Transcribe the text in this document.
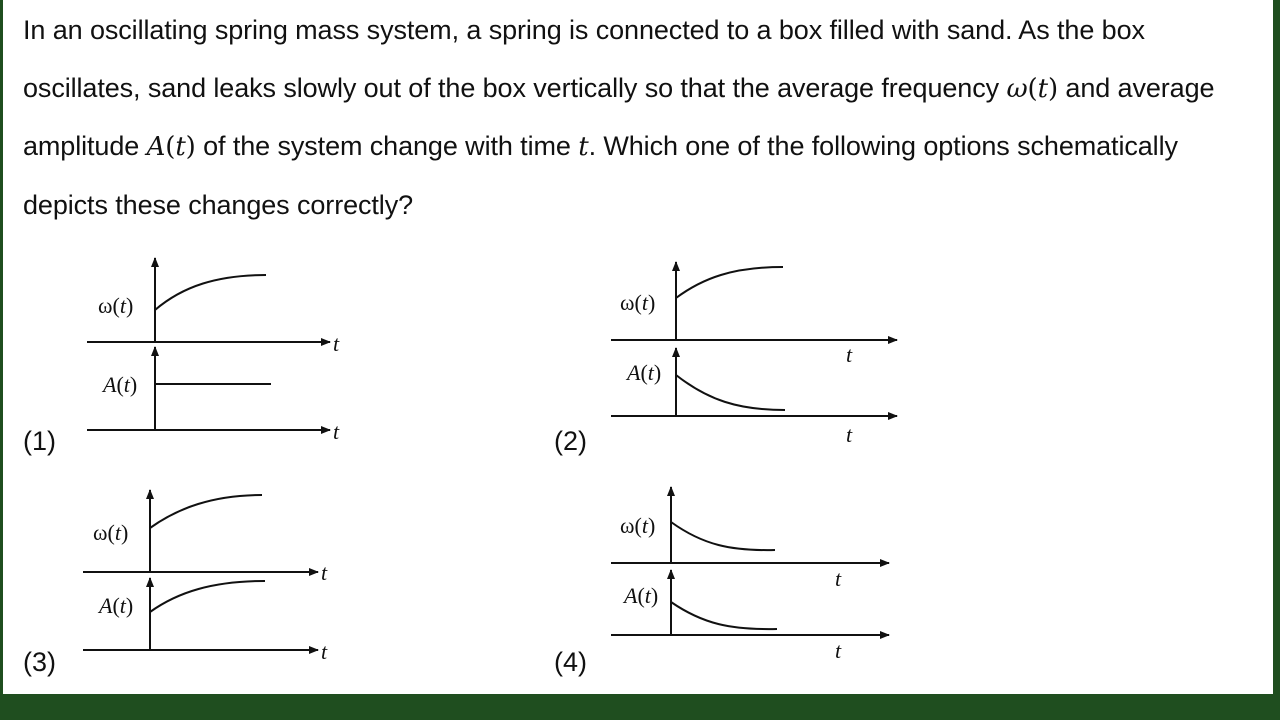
In an oscillating spring mass system, a spring is connected to a box filled with sand. As the box oscillates, sand leaks slowly out of the box vertically so that the average frequency ω(t) and average amplitude A(t) of the system change with time t. Which one of the following options schematically depicts these changes correctly?

(1)	(2)
(3)	(4)
ω(t)
t
A(t)
t
ω(t)
t
A(t)
t
ω(t)
t
A(t)
t
ω(t)
t
A(t)
t
